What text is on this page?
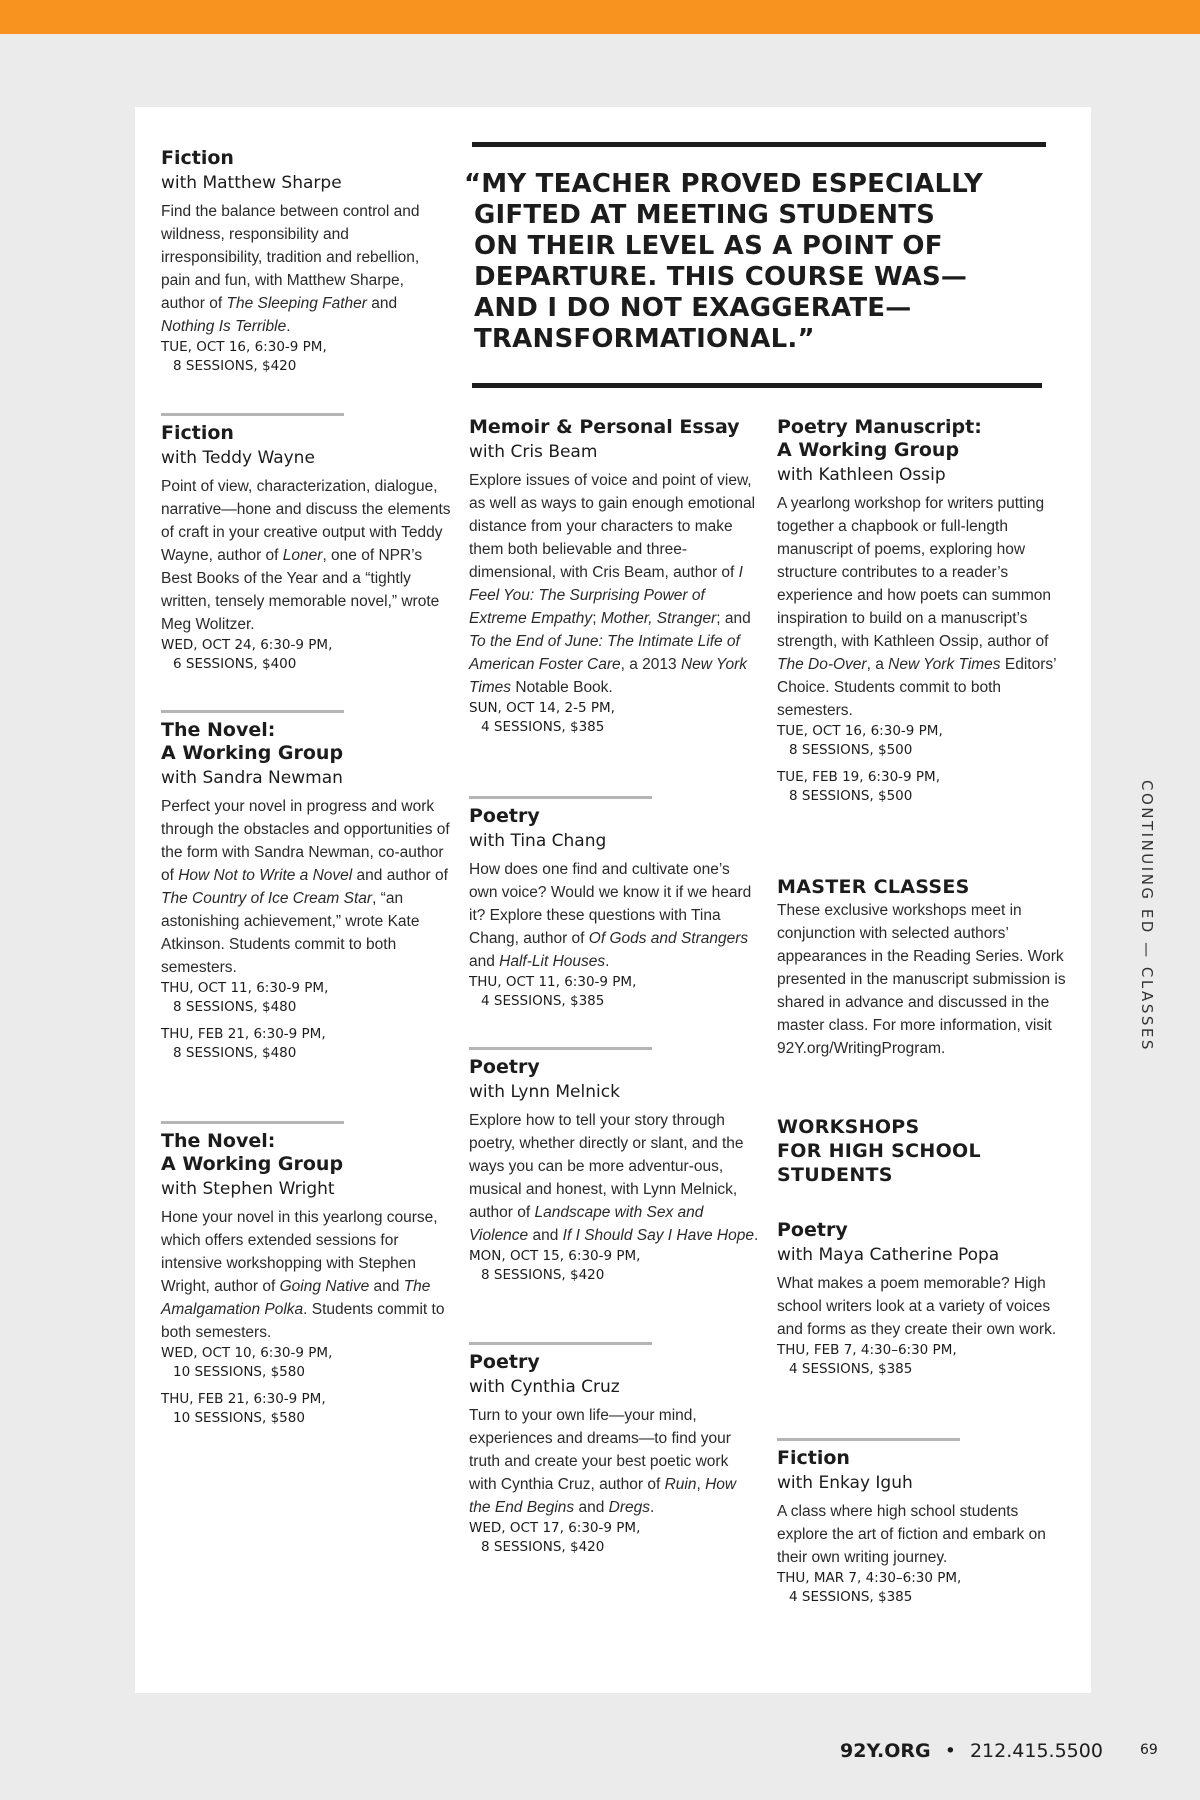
“MY TEACHER PROVED ESPECIALLY
GIFTED AT MEETING STUDENTS
ON THEIR LEVEL AS A POINT OF
DEPARTURE. THIS COURSE WAS—
AND I DO NOT EXAGGERATE—
TRANSFORMATIONAL.”
Fiction
with Matthew Sharpe
Find the balance between control and wildness, responsibility and irresponsibility, tradition and rebellion, pain and fun, with Matthew Sharpe, author of The Sleeping Father and Nothing Is Terrible.
TUE, OCT 16, 6:30-9 PM,
8 SESSIONS, $420
Fiction
with Teddy Wayne
Point of view, characterization, dialogue, narrative—hone and discuss the elements of craft in your creative output with Teddy Wayne, author of Loner, one of NPR’s Best Books of the Year and a “tightly written, tensely memorable novel,” wrote Meg Wolitzer.
WED, OCT 24, 6:30-9 PM,
6 SESSIONS, $400
The Novel:
A Working Group
with Sandra Newman
Perfect your novel in progress and work through the obstacles and opportunities of the form with Sandra Newman, co-author of How Not to Write a Novel and author of The Country of Ice Cream Star, “an astonishing achievement,” wrote Kate Atkinson. Students commit to both semesters.
THU, OCT 11, 6:30-9 PM,
8 SESSIONS, $480
THU, FEB 21, 6:30-9 PM,
8 SESSIONS, $480
The Novel:
A Working Group
with Stephen Wright
Hone your novel in this yearlong course, which offers extended sessions for intensive workshopping with Stephen Wright, author of Going Native and The Amalgamation Polka. Students commit to both semesters.
WED, OCT 10, 6:30-9 PM,
10 SESSIONS, $580
THU, FEB 21, 6:30-9 PM,
10 SESSIONS, $580
Memoir & Personal Essay
with Cris Beam
Explore issues of voice and point of view, as well as ways to gain enough emotional distance from your characters to make them both believable and three-dimensional, with Cris Beam, author of I Feel You: The Surprising Power of Extreme Empathy; Mother, Stranger; and To the End of June: The Intimate Life of American Foster Care, a 2013 New York Times Notable Book.
SUN, OCT 14, 2-5 PM,
4 SESSIONS, $385
Poetry
with Tina Chang
How does one find and cultivate one’s own voice? Would we know it if we heard it? Explore these questions with Tina Chang, author of Of Gods and Strangers and Half-Lit Houses.
THU, OCT 11, 6:30-9 PM,
4 SESSIONS, $385
Poetry
with Lynn Melnick
Explore how to tell your story through poetry, whether directly or slant, and the ways you can be more adventur-ous, musical and honest, with Lynn Melnick, author of Landscape with Sex and Violence and If I Should Say I Have Hope.
MON, OCT 15, 6:30-9 PM,
8 SESSIONS, $420
Poetry
with Cynthia Cruz
Turn to your own life—your mind, experiences and dreams—to find your truth and create your best poetic work with Cynthia Cruz, author of Ruin, How the End Begins and Dregs.
WED, OCT 17, 6:30-9 PM,
8 SESSIONS, $420
Poetry Manuscript:
A Working Group
with Kathleen Ossip
A yearlong workshop for writers putting together a chapbook or full-length manuscript of poems, exploring how structure contributes to a reader’s experience and how poets can summon inspiration to build on a manuscript’s strength, with Kathleen Ossip, author of The Do-Over, a New York Times Editors’ Choice. Students commit to both semesters.
TUE, OCT 16, 6:30-9 PM,
8 SESSIONS, $500
TUE, FEB 19, 6:30-9 PM,
8 SESSIONS, $500
MASTER CLASSES
These exclusive workshops meet in conjunction with selected authors’ appearances in the Reading Series. Work presented in the manuscript submission is shared in advance and discussed in the master class. For more information, visit 92Y.org/WritingProgram.
WORKSHOPS
FOR HIGH SCHOOL
STUDENTS
Poetry
with Maya Catherine Popa
What makes a poem memorable? High school writers look at a variety of voices and forms as they create their own work.
THU, FEB 7, 4:30–6:30 PM,
4 SESSIONS, $385
Fiction
with Enkay Iguh
A class where high school students explore the art of fiction and embark on their own writing journey.
THU, MAR 7, 4:30–6:30 PM,
4 SESSIONS, $385
CONTINUING ED — CLASSES
92Y.ORG • 212.415.5500	69
